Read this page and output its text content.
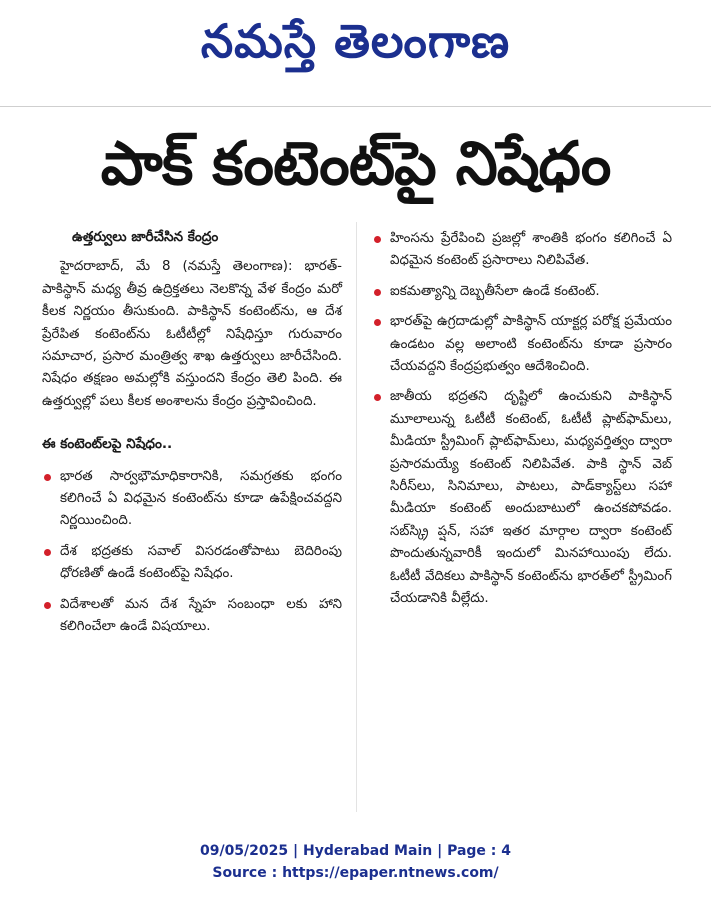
నమస్తే తెలంగాణ
పాక్ కంటెంట్‌పై నిషేధం
ఉత్తర్వులు జారీచేసిన కేంద్రం

హైదరాబాద్, మే 8 (నమస్తే తెలంగాణ): భారత్-పాకిస్థాన్ మధ్య తీవ్ర ఉద్రిక్తతలు నెలకొన్న వేళ కేంద్రం మరో కీలక నిర్ణయం తీసుకుంది. పాకిస్థాన్ కంటెంట్‌ను, ఆ దేశ ప్రేరేపిత కంటెంట్‌ను ఓటీటీల్లో నిషేధిస్తూ గురువారం సమాచార, ప్రసార మంత్రిత్వ శాఖ ఉత్తర్వులు జారీచేసింది. నిషేధం తక్షణం అమల్లోకి వస్తుందని కేంద్రం తెలి పింది. ఈ ఉత్తర్వుల్లో పలు కీలక అంశాలను కేంద్రం ప్రస్తావించింది.

ఈ కంటెంట్‌లపై నిషేధం..
భారత సార్వభౌమాధికారానికి, సమగ్రతకు భంగం కలిగించే ఏ విధమైన కంటెంట్‌ను కూడా ఉపేక్షించవద్దని నిర్ణయించింది.
దేశ భద్రతకు సవాల్ విసరడంతోపాటు బెదిరింపు ధోరణితో ఉండే కంటెంట్‌పై నిషేధం.
విదేశాలతో మన దేశ స్నేహ సంబంధా లకు హాని కలిగించేలా ఉండే విషయాలు.
హింసను ప్రేరేపించి ప్రజల్లో శాంతికి భంగం కలిగించే ఏ విధమైన కంటెంట్ ప్రసారాలు నిలిపివేత.
ఐకమత్యాన్ని దెబ్బతీసేలా ఉండే కంటెంట్.
భారత్‌పై ఉగ్రదాడుల్లో పాకిస్థాన్ యాక్టర్ల పరోక్ష ప్రమేయం ఉండటం వల్ల అలాంటి కంటెంట్‌ను కూడా ప్రసారం చేయవద్దని కేంద్రప్రభుత్వం ఆదేశించింది.
జాతీయ భద్రతని దృష్టిలో ఉంచుకుని పాకిస్థాన్ మూలాలున్న ఓటీటీ కంటెంట్, ఓటీటీ ప్లాట్‌ఫామ్‌లు, మీడియా స్ట్రీమింగ్ ప్లాట్‌ఫామ్‌లు, మధ్యవర్తిత్వం ద్వారా ప్రసారమయ్యే కంటెంట్ నిలిపివేత. పాకి స్థాన్ వెబ్ సిరీస్‌లు, సినిమాలు, పాటలు, పాడ్‌క్యాస్ట్‌లు సహా మీడియా కంటెంట్ అందుబాటులో ఉంచకపోవడం. సబ్‌స్క్రి ప్షన్, సహా ఇతర మార్గాల ద్వారా కంటెంట్ పొందుతున్నవారికీ ఇందులో మినహాయింపు లేదు. ఓటీటీ వేదికలు పాకిస్థాన్ కంటెంట్‌ను భారత్‌లో స్ట్రీమింగ్ చేయడానికి వీల్లేదు.
09/05/2025 | Hyderabad Main | Page : 4
Source : https://epaper.ntnews.com/
